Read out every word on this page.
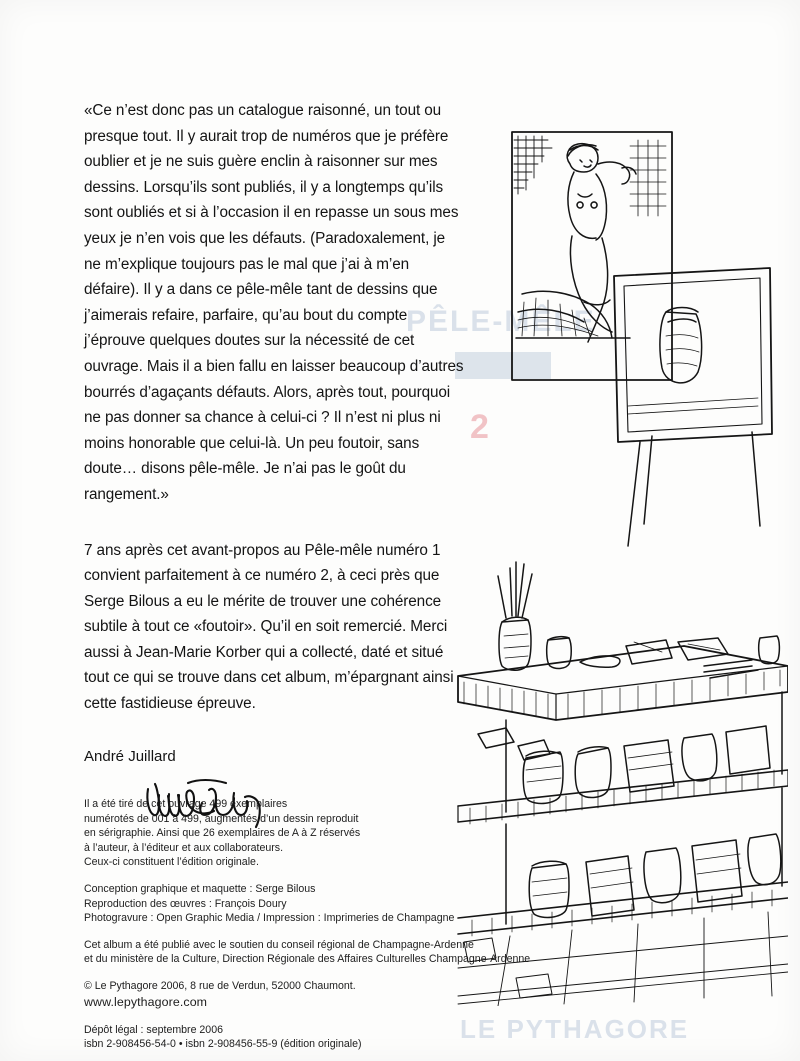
PÊLE-MÊLE
2
LE PYTHAGORE

«Ce n’est donc pas un catalogue raisonné, un tout ou presque tout. Il y aurait trop de numéros que je préfère oublier et je ne suis guère enclin à raisonner sur mes dessins. Lorsqu’ils sont publiés, il y a longtemps qu’ils sont oubliés et si à l’occasion il en repasse un sous mes yeux je n’en vois que les défauts. (Paradoxalement, je ne m’explique toujours pas le mal que j’ai à m’en défaire). Il y a dans ce pêle-mêle tant de dessins que j’aimerais refaire, parfaire, qu’au bout du compte j’éprouve quelques doutes sur la nécessité de cet ouvrage. Mais il a bien fallu en laisser beaucoup d’autres bourrés d’agaçants défauts. Alors, après tout, pourquoi ne pas donner sa chance à celui-ci ? Il n’est ni plus ni moins honorable que celui-là. Un peu foutoir, sans doute… disons pêle-mêle. Je n’ai pas le goût du rangement.»

7 ans après cet avant-propos au Pêle-mêle numéro 1 convient parfaitement à ce numéro 2, à ceci près que Serge Bilous a eu le mérite de trouver une cohérence subtile à tout ce «foutoir». Qu’il en soit remercié. Merci aussi à Jean-Marie Korber qui a collecté, daté et situé tout ce qui se trouve dans cet album, m’épargnant ainsi cette fastidieuse épreuve.

André Juillard
Il a été tiré de cet ouvrage 499 exemplaires
numérotés de 001 à 499, augmentés d’un dessin reproduit
en sérigraphie. Ainsi que 26 exemplaires de A à Z réservés
à l’auteur, à l’éditeur et aux collaborateurs.
Ceux-ci constituent l’édition originale.
Conception graphique et maquette : Serge Bilous
Reproduction des œuvres : François Doury
Photogravure : Open Graphic Media / Impression : Imprimeries de Champagne
Cet album a été publié avec le soutien du conseil régional de Champagne-Ardenne
et du ministère de la Culture, Direction Régionale des Affaires Culturelles Champagne-Ardenne
© Le Pythagore 2006, 8 rue de Verdun, 52000 Chaumont.
www.lepythagore.com
Dépôt légal : septembre 2006
isbn 2-908456-54-0 • isbn 2-908456-55-9 (édition originale)
